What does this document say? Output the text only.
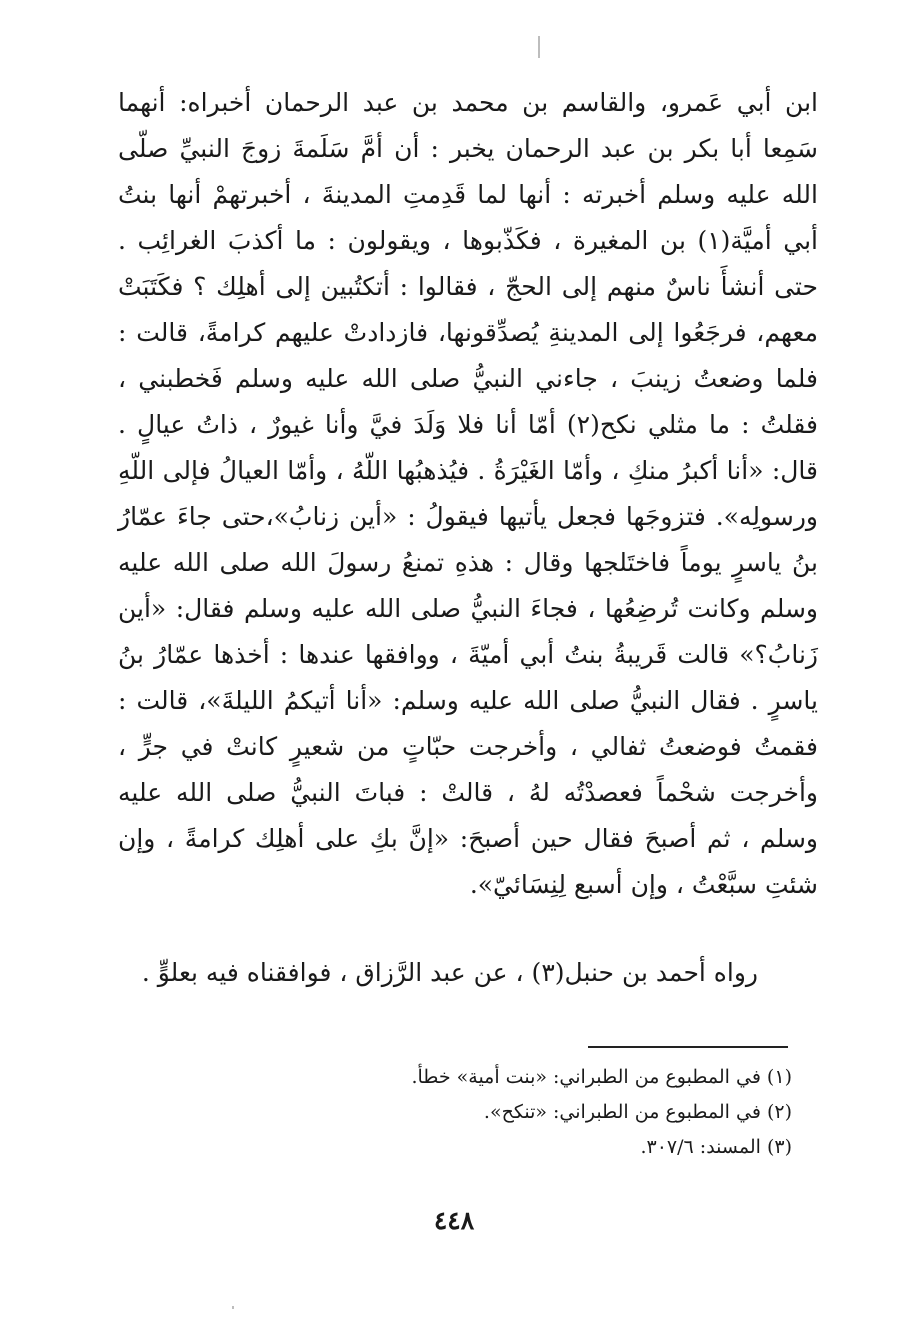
ابن أبي عَمرو، والقاسم بن محمد بن عبد الرحمان أخبراه: أنهما سَمِعا أبا بكر بن عبد الرحمان يخبر : أن أمَّ سَلَمةَ زوجَ النبيِّ صلّى الله عليه وسلم أخبرته : أنها لما قَدِمتِ المدينةَ ، أخبرتهمْ أنها بنتُ أبي أميَّة(١) بن المغيرة ، فكَذّبوها ، ويقولون : ما أكذبَ الغرائِب . حتى أنشأَ ناسٌ منهم إلى الحجّ ، فقالوا : أتكتُبين إلى أهلِك ؟ فكَتَبَتْ معهم، فرجَعُوا إلى المدينةِ يُصدِّقونها، فازدادتْ عليهم كرامةً، قالت : فلما وضعتُ زينبَ ، جاءني النبيُّ صلى الله عليه وسلم فَخطبني ، فقلتُ : ما مثلي نكح(٢) أمّا أنا فلا وَلَدَ فيَّ وأنا غيورٌ ، ذاتُ عيالٍ . قال: «أنا أكبرُ منكِ ، وأمّا الغَيْرَةُ . فيُذهبُها اللّهُ ، وأمّا العيالُ فإلى اللّهِ ورسولِه». فتزوجَها فجعل يأتيها فيقولُ : «أين زنابُ»،حتى جاءَ عمّارُ بنُ ياسرٍ يوماً فاختَلجها وقال : هذهِ تمنعُ رسولَ الله صلى الله عليه وسلم وكانت تُرضِعُها ، فجاءَ النبيُّ صلى الله عليه وسلم فقال: «أين زَنابُ؟» قالت قَريبةُ بنتُ أبي أميّةَ ، ووافقها عندها : أخذها عمّارُ بنُ ياسرٍ . فقال النبيُّ صلى الله عليه وسلم: «أنا أتيكمُ الليلةَ»، قالت : فقمتُ فوضعتُ ثفالي ، وأخرجت حبّاتٍ من شعيرٍ كانتْ في جرٍّ ، وأخرجت شحْماً فعصدْتُه لهُ ، قالتْ : فباتَ النبيُّ صلى الله عليه وسلم ، ثم أصبحَ فقال حين أصبحَ: «إنَّ بكِ على أهلِك كرامةً ، وإن شئتِ سبَّعْتُ ، وإن أسبع لِنِسَائيّ».

رواه أحمد بن حنبل(٣) ، عن عبد الرَّزاق ، فوافقناه فيه بعلوٍّ .
(١) في المطبوع من الطبراني: «بنت أمية» خطأ.
(٢) في المطبوع من الطبراني: «تنكح».
(٣) المسند: ٣٠٧/٦.
٤٤٨
